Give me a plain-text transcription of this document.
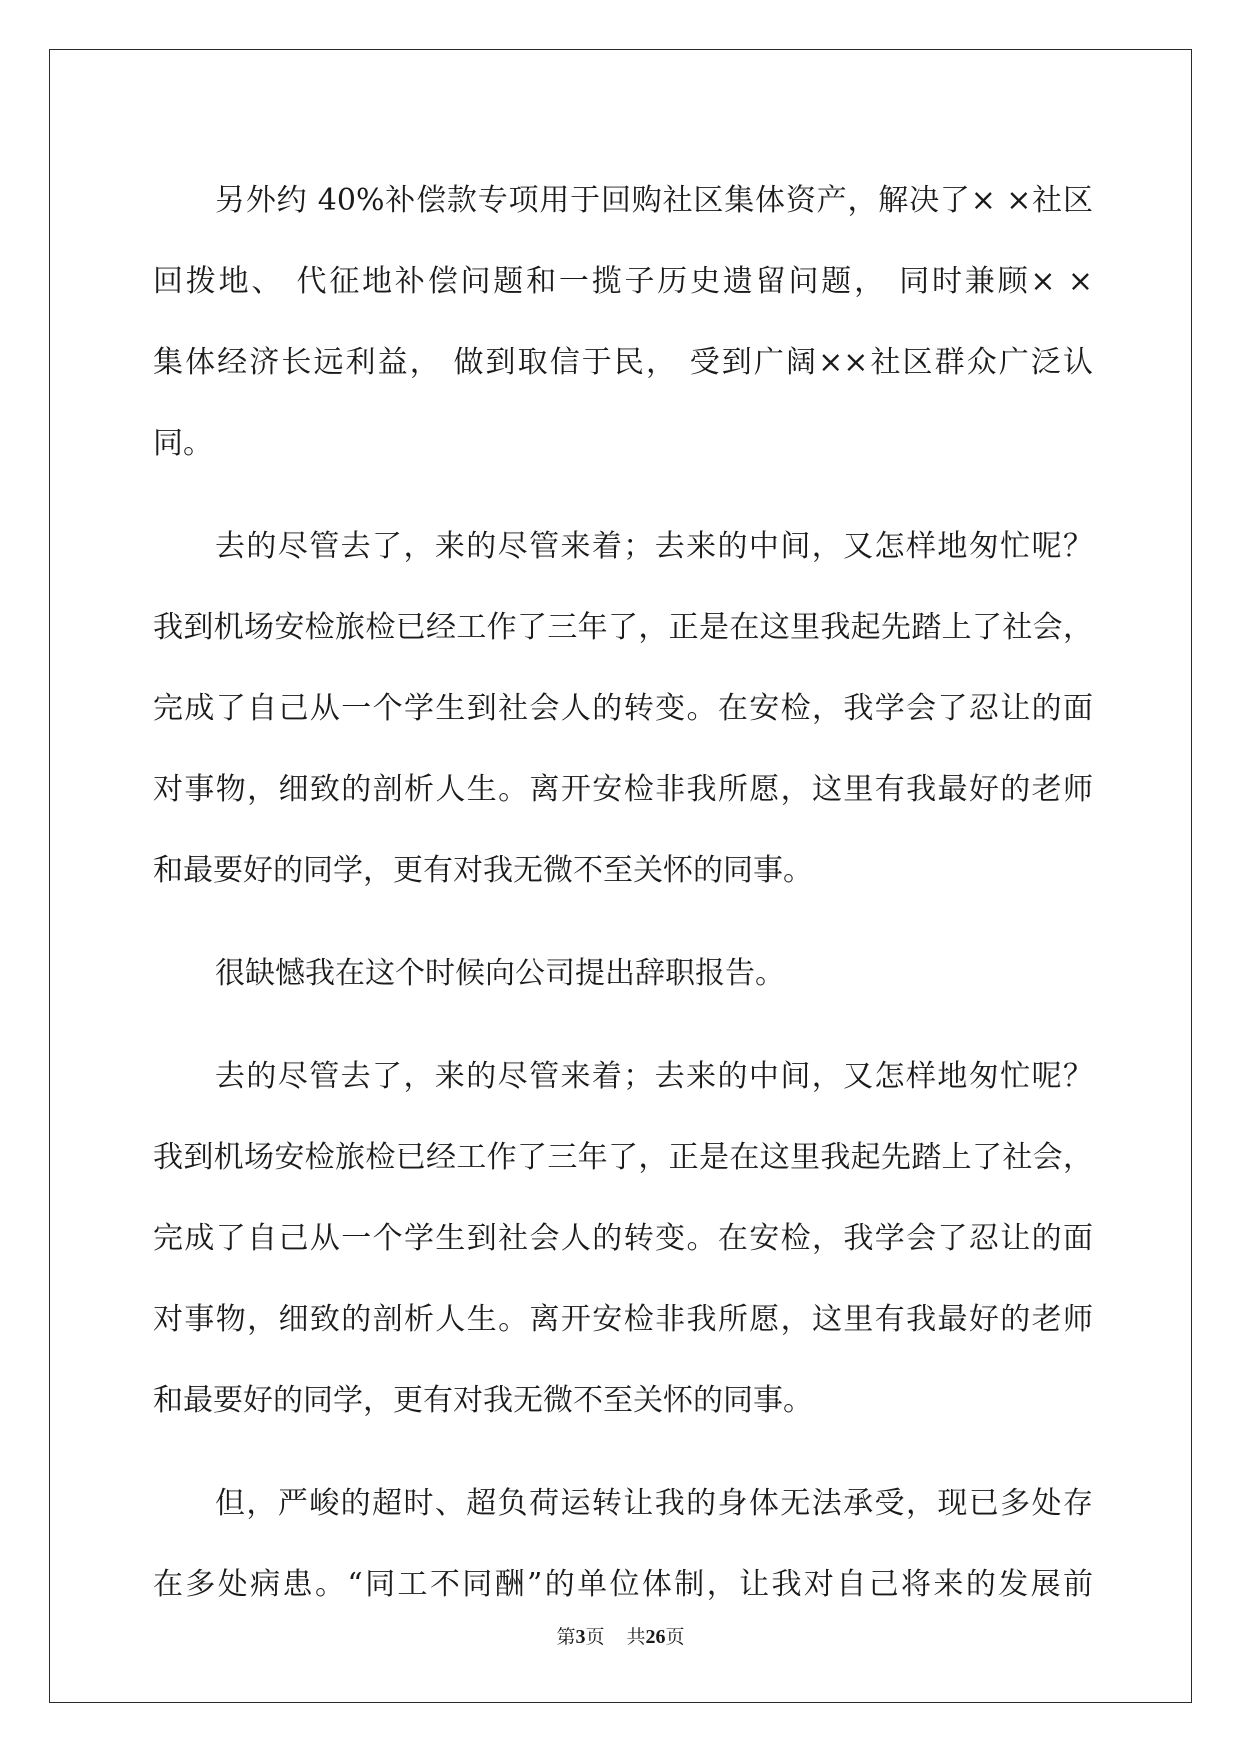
另外约 40%补偿款专项用于回购社区集体资产，解决了× ×社区
回拨地、 代征地补偿问题和一揽子历史遗留问题， 同时兼顾× ×
集体经济长远利益， 做到取信于民， 受到广阔××社区群众广泛认
同。

去的尽管去了，来的尽管来着；去来的中间，又怎样地匆忙呢？
我到机场安检旅检已经工作了三年了，正是在这里我起先踏上了社会，
完成了自己从一个学生到社会人的转变。在安检，我学会了忍让的面
对事物，细致的剖析人生。离开安检非我所愿，这里有我最好的老师
和最要好的同学，更有对我无微不至关怀的同事。

很缺憾我在这个时候向公司提出辞职报告。

去的尽管去了，来的尽管来着；去来的中间，又怎样地匆忙呢？
我到机场安检旅检已经工作了三年了，正是在这里我起先踏上了社会，
完成了自己从一个学生到社会人的转变。在安检，我学会了忍让的面
对事物，细致的剖析人生。离开安检非我所愿，这里有我最好的老师
和最要好的同学，更有对我无微不至关怀的同事。

但，严峻的超时、超负荷运转让我的身体无法承受，现已多处存
在多处病患。“同工不同酬”的单位体制，让我对自己将来的发展前

第3页 共26页
